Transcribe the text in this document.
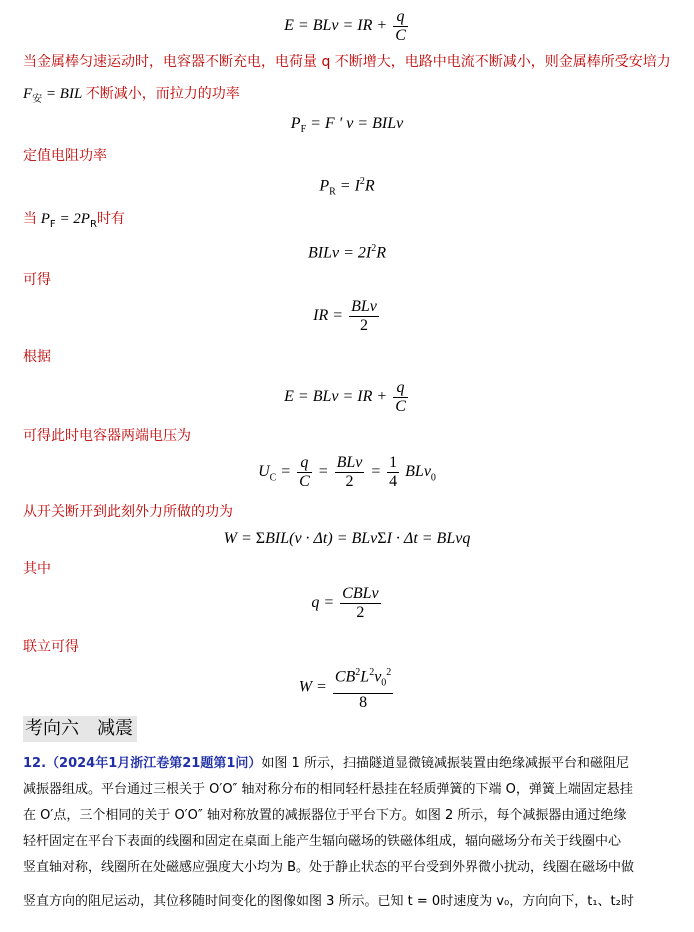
E = BLv = IR + $\frac{q}{C}$
当金属棒匀速运动时，电容器不断充电，电荷量 q 不断增大，电路中电流不断减小，则金属棒所受安培力
$F_安$ = BIL 不断减小，而拉力的功率
$P_F = F$ ′ v = BILv
定值电阻功率
$P_R = I^2R$
当 $P_F = 2P_R$时有
BILv = $2I^2R$
可得
IR = $\frac{\text{BLv}}{2}$
根据
E = BLv = IR + $\frac{q}{C}$
可得此时电容器两端电压为
$U_C = \frac{q}{C} = \frac{\text{BLv}}{2} = \frac{1}{4} BLv_0$
从开关断开到此刻外力所做的功为
W = ΣBIL(v · Δt) = BLvΣI · Δt = BLvq
其中
$q = \frac{\text{CBLv}}{2}$
联立可得
$W = \frac{CB^2L^2v_0^2}{8}$
考向六　减震
12.（2024年1月浙江卷第21题第1问）如图 1 所示，扫描隧道显微镜减振装置由绝缘减振平台和磁阻尼
减振器组成。平台通过三根关于 O′O″ 轴对称分布的相同轻杆悬挂在轻质弹簧的下端 O，弹簧上端固定悬挂
在 O′点，三个相同的关于 O′O″ 轴对称放置的减振器位于平台下方。如图 2 所示，每个减振器由通过绝缘
轻杆固定在平台下表面的线圈和固定在桌面上能产生辐向磁场的铁磁体组成，辐向磁场分布关于线圈中心
竖直轴对称，线圈所在处磁感应强度大小均为 B。处于静止状态的平台受到外界微小扰动，线圈在磁场中做
竖直方向的阻尼运动，其位移随时间变化的图像如图 3 所示。已知 t = 0时速度为 v₀，方向向下，t₁、t₂时
